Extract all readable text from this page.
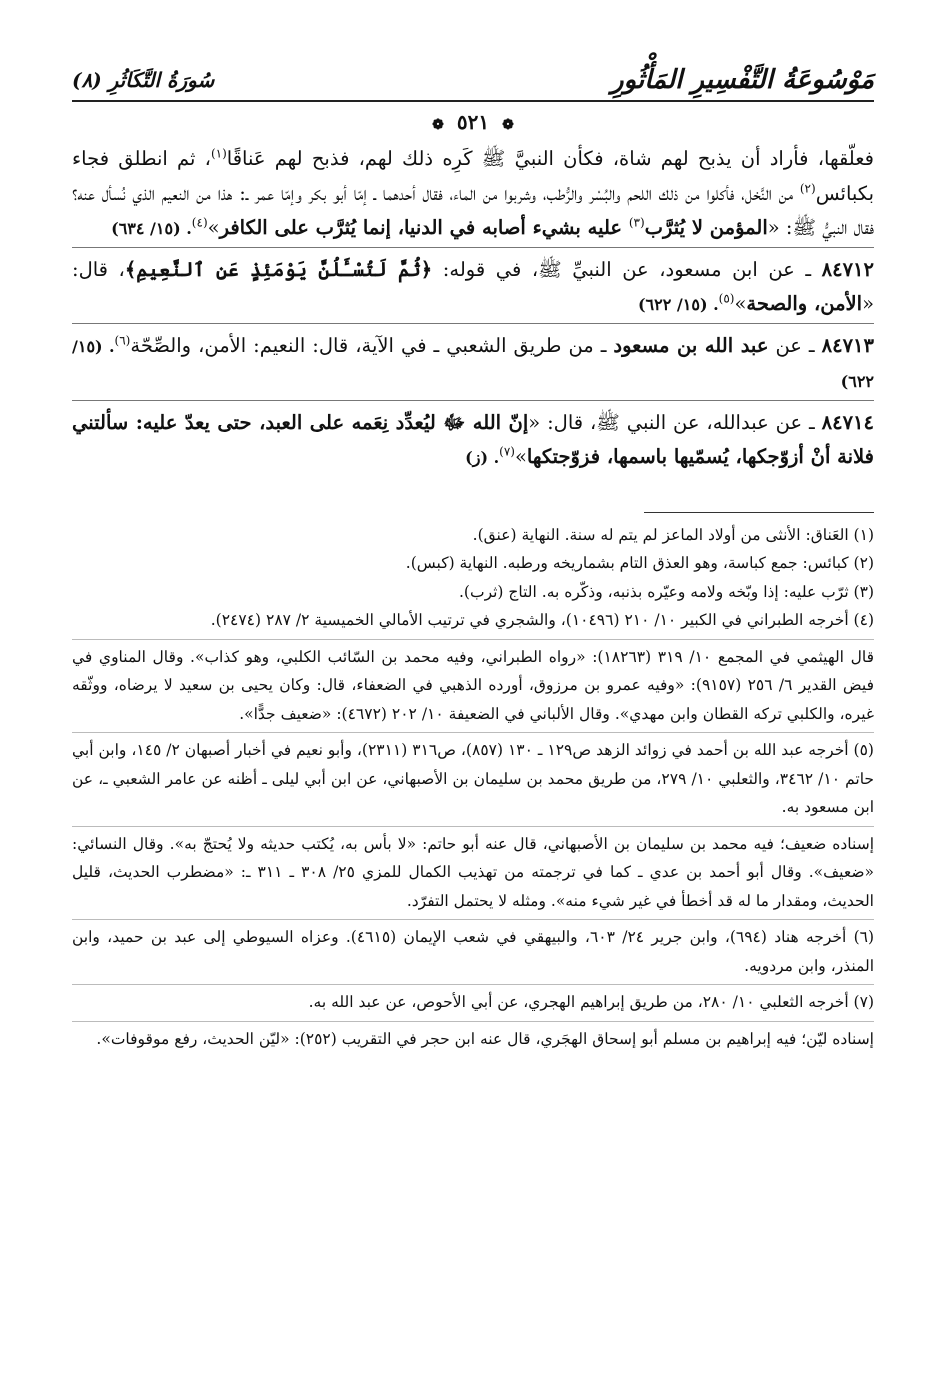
مَوْسُوعَةُ التَّفْسِيرِ المَأْثُورِ
سُورَةُ التَّكَاثُرِ (٨)
❁ ٥٢١ ❁

فعلّقها، فأراد أن يذبح لهم شاة، فكأن النبيَّ ﷺ كَرِه ذلك لهم، فذبح لهم عَناقًا$^{(١)}$، ثم انطلق فجاء بكبائس$^{(٢)}$ من النَّخل، فأكلوا من ذلك اللحم والبُسْر والرُّطب، وشربوا من الماء، فقال أحدهما ـ إمّا أبو بكر وإمّا عمر ـ: هذا من النعيم الذي نُسأل عنه؟ فقال النبيُّ ﷺ: «المؤمن لا يُثرَّب$^{(٣)}$ عليه بشيء أصابه في الدنيا، إنما يُثرَّب على الكافر»$^{(٤)}$. (١٥/ ٦٣٤)

٨٤٧١٢ ـ عن ابن مسعود، عن النبيِّ ﷺ، في قوله: ﴿ثُمَّ لَتُسْـَٔلُنَّ يَوْمَئِذٍ عَنِ ٱلنَّعِيمِ﴾، قال: «الأمن، والصحة»$^{(٥)}$. (١٥/ ٦٢٢)

٨٤٧١٣ ـ عن عبد الله بن مسعود ـ من طريق الشعبي ـ في الآية، قال: النعيم: الأمن، والصِّحّة$^{(٦)}$. (١٥/ ٦٢٢)

٨٤٧١٤ ـ عن عبدالله، عن النبي ﷺ، قال: «إنّ الله ﷻ ليُعدِّد نِعَمه على العبد، حتى يعدّ عليه: سألتني فلانة أنْ أزوّجكها، يُسمّيها باسمها، فزوّجتكها»$^{(٧)}$. (ز)

(١) العَناق: الأنثى من أولاد الماعز لم يتم له سنة. النهاية (عنق).

(٢) كبائس: جمع كباسة، وهو العذق التام بشماريخه ورطبه. النهاية (كبس).

(٣) ثرّب عليه: إذا وبّخه ولامه وعيّره بذنبه، وذكّره به. التاج (ثرب).

(٤) أخرجه الطبراني في الكبير ١٠/ ٢١٠ (١٠٤٩٦)، والشجري في ترتيب الأمالي الخميسية ٢/ ٢٨٧ (٢٤٧٤).

قال الهيثمي في المجمع ١٠/ ٣١٩ (١٨٢٦٣): «رواه الطبراني، وفيه محمد بن السّائب الكلبي، وهو كذاب». وقال المناوي في فيض القدير ٦/ ٢٥٦ (٩١٥٧): «وفيه عمرو بن مرزوق، أورده الذهبي في الضعفاء، قال: وكان يحيى بن سعيد لا يرضاه، ووثّقه غيره، والكلبي تركه القطان وابن مهدي». وقال الألباني في الضعيفة ١٠/ ٢٠٢ (٤٦٧٢): «ضعيف جدًّا».

(٥) أخرجه عبد الله بن أحمد في زوائد الزهد ص١٢٩ ـ ١٣٠ (٨٥٧)، ص٣١٦ (٢٣١١)، وأبو نعيم في أخبار أصبهان ٢/ ١٤٥، وابن أبي حاتم ١٠/ ٣٤٦٢، والثعلبي ١٠/ ٢٧٩، من طريق محمد بن سليمان بن الأصبهاني، عن ابن أبي ليلى ـ أظنه عن عامر الشعبي ـ، عن ابن مسعود به.

إسناده ضعيف؛ فيه محمد بن سليمان بن الأصبهاني، قال عنه أبو حاتم: «لا بأس به، يُكتب حديثه ولا يُحتجّ به». وقال النسائي: «ضعيف». وقال أبو أحمد بن عدي ـ كما في ترجمته من تهذيب الكمال للمزي ٢٥/ ٣٠٨ ـ ٣١١ ـ: «مضطرب الحديث، قليل الحديث، ومقدار ما له قد أخطأ في غير شيء منه». ومثله لا يحتمل التفرّد.

(٦) أخرجه هناد (٦٩٤)، وابن جرير ٢٤/ ٦٠٣، والبيهقي في شعب الإيمان (٤٦١٥). وعزاه السيوطي إلى عبد بن حميد، وابن المنذر، وابن مردويه.

(٧) أخرجه الثعلبي ١٠/ ٢٨٠، من طريق إبراهيم الهجري، عن أبي الأحوص، عن عبد الله به.

إسناده ليّن؛ فيه إبراهيم بن مسلم أبو إسحاق الهجَري، قال عنه ابن حجر في التقريب (٢٥٢): «ليّن الحديث، رفع موقوفات».
